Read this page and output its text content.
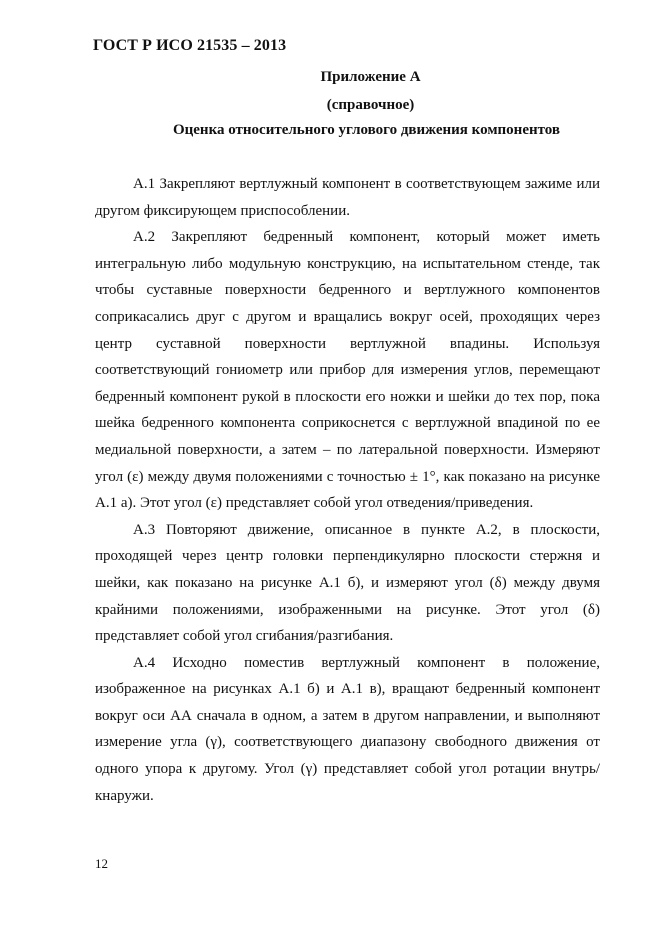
ГОСТ Р ИСО 21535 – 2013
Приложение А
(справочное)
Оценка относительного углового движения компонентов

А.1 Закрепляют вертлужный компонент в соответствующем зажиме или другом фиксирующем приспособлении.

А.2 Закрепляют бедренный компонент, который может иметь интегральную либо модульную конструкцию, на испытательном стенде, так чтобы суставные поверхности бедренного и вертлужного компонентов соприкасались друг с другом и вращались вокруг осей, проходящих через центр суставной поверхности вертлужной впадины. Используя соответствующий гониометр или прибор для измерения углов, перемещают бедренный компонент рукой в плоскости его ножки и шейки до тех пор, пока шейка бедренного компонента соприкоснется с вертлужной впадиной по ее медиальной поверхности, а затем – по латеральной поверхности. Измеряют угол (ε) между двумя положениями с точностью ± 1°, как показано на рисунке А.1 а). Этот угол (ε) представляет собой угол отведения/приведения.

А.3 Повторяют движение, описанное в пункте А.2, в плоскости, проходящей через центр головки перпендикулярно плоскости стержня и шейки, как показано на рисунке А.1 б), и измеряют угол (δ) между двумя крайними положениями, изображенными на рисунке. Этот угол (δ) представляет собой угол сгибания/разгибания.

А.4 Исходно поместив вертлужный компонент в положение, изображенное на рисунках А.1 б) и А.1 в), вращают бедренный компонент вокруг оси АА сначала в одном, а затем в другом направлении, и выполняют измерение угла (γ), соответствующего диапазону свободного движения от одного упора к другому. Угол (γ) представляет собой угол ротации внутрь/кнаружи.

12
